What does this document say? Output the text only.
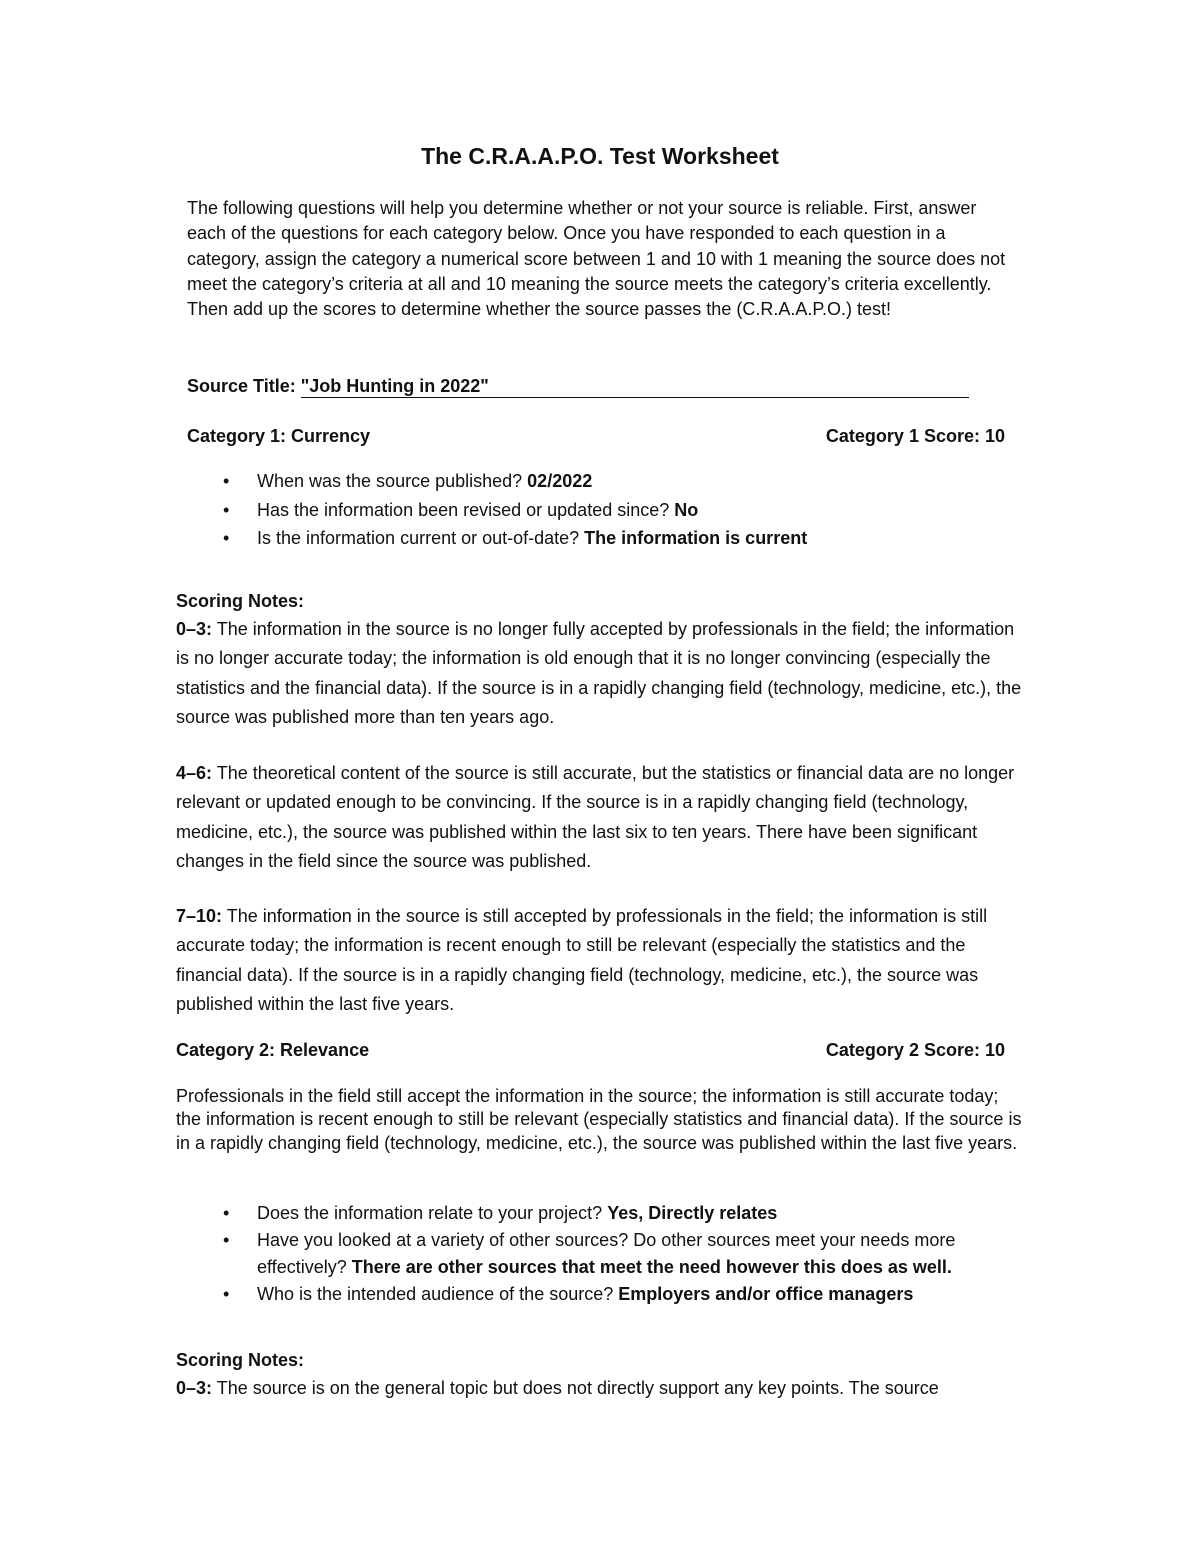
The C.R.A.A.P.O. Test Worksheet

The following questions will help you determine whether or not your source is reliable. First, answer each of the questions for each category below. Once you have responded to each question in a category, assign the category a numerical score between 1 and 10 with 1 meaning the source does not meet the category’s criteria at all and 10 meaning the source meets the category’s criteria excellently. Then add up the scores to determine whether the source passes the (C.R.A.A.P.O.) test!

Source Title: "Job Hunting in 2022"
Category 1: Currency	Category 1 Score: 10
• When was the source published? 02/2022
• Has the information been revised or updated since? No
• Is the information current or out-of-date? The information is current
Scoring Notes:

0–3: The information in the source is no longer fully accepted by professionals in the field; the information is no longer accurate today; the information is old enough that it is no longer convincing (especially the statistics and the financial data). If the source is in a rapidly changing field (technology, medicine, etc.), the source was published more than ten years ago.

4–6: The theoretical content of the source is still accurate, but the statistics or financial data are no longer relevant or updated enough to be convincing. If the source is in a rapidly changing field (technology, medicine, etc.), the source was published within the last six to ten years. There have been significant changes in the field since the source was published.

7–10: The information in the source is still accepted by professionals in the field; the information is still accurate today; the information is recent enough to still be relevant (especially the statistics and the financial data). If the source is in a rapidly changing field (technology, medicine, etc.), the source was published within the last five years.

Category 2: Relevance	Category 2 Score: 10

Professionals in the field still accept the information in the source; the information is still accurate today; the information is recent enough to still be relevant (especially statistics and financial data). If the source is in a rapidly changing field (technology, medicine, etc.), the source was published within the last five years.

• Does the information relate to your project? Yes, Directly relates
• Have you looked at a variety of other sources? Do other sources meet your needs more effectively? There are other sources that meet the need however this does as well.
• Who is the intended audience of the source? Employers and/or office managers
Scoring Notes:

0–3: The source is on the general topic but does not directly support any key points. The source
